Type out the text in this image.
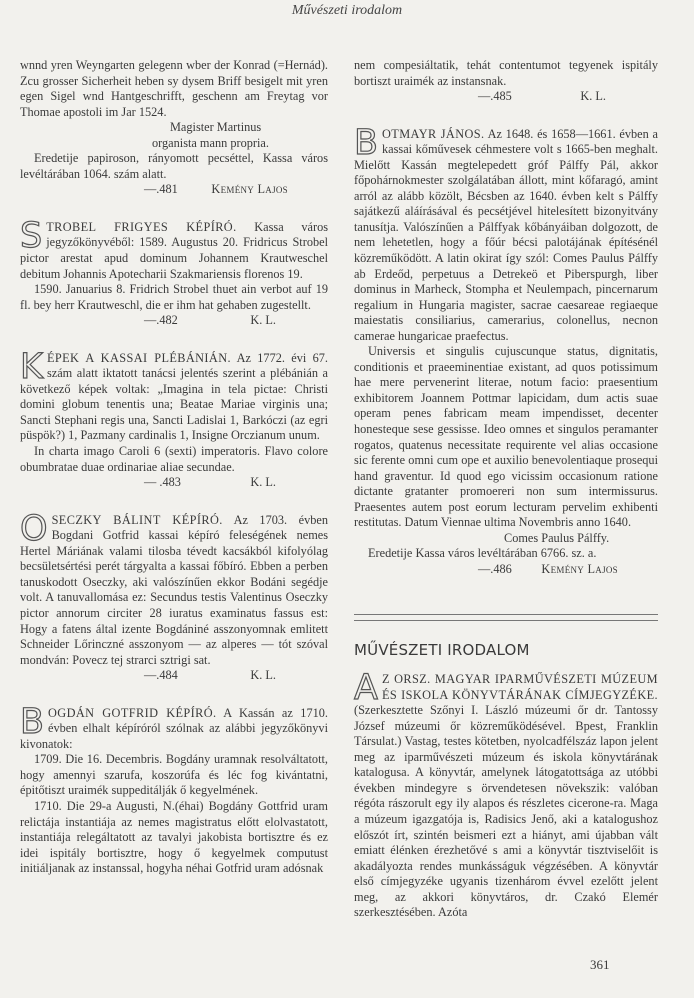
Művészeti irodalom

wnnd yren Weyngarten gelegenn wber der Konrad (=Hernád). Zcu grosser Sicherheit heben sy dysem Briff besigelt mit yren egen Sigel wnd Hantgeschrifft, geschenn am Freytag vor Thomae apostoli im Jar 1524.

Magister Martinus

organista mann propria.

Eredetije papiroson, rányomott pecséttel, Kassa város levéltárában 1064. szám alatt.

—.481	Kemény Lajos

S TROBEL FRIGYES KÉPÍRÓ. Kassa város jegyzőkönyvéből: 1589. Augustus 20. Fridricus Strobel pictor arestat apud dominum Johannem Krautweschel debitum Johannis Apotecharii Szakmariensis florenos 19.

1590. Januarius 8. Fridrich Strobel thuet ain verbot auf 19 fl. bey herr Krautweschl, die er ihm hat gehaben zugestellt.

—.482	K. L.

K ÉPEK A KASSAI PLÉBÁNIÁN. Az 1772. évi 67. szám alatt iktatott tanácsi jelentés szerint a plébánián a következő képek voltak: „Imagina in tela pictae: Christi domini globum tenentis una; Beatae Mariae virginis una; Sancti Stephani regis una, Sancti Ladislai 1, Barkóczi (az egri püspök?) 1, Pazmany cardinalis 1, Insigne Orczianum unum.

In charta imago Caroli 6 (sexti) imperatoris. Flavo colore obumbratae duae ordinariae aliae secundae.

— .483	K. L.

O SECZKY BÁLINT KÉPÍRÓ. Az 1703. évben Bogdani Gotfrid kassai képíró feleségének nemes Hertel Máriának valami tilosba tévedt kacsákból kifolyólag becsületsértési perét tárgyalta a kassai főbíró. Ebben a perben tanuskodott Oseczky, aki valószínűen ekkor Bodáni segédje volt. A tanuvallomása ez: Secundus testis Valentinus Oseczky pictor annorum circiter 28 iuratus examinatus fassus est: Hogy a fatens által izente Bogdániné asszonyomnak emlitett Schneider Lőrinczné asszonyom — az alperes — tót szóval mondván: Povecz tej strarci sztrigi sat.

—.484	K. L.

B OGDÁN GOTFRID KÉPÍRÓ. A Kassán az 1710. évben elhalt képíróról szólnak az alábbi jegyzőkönyvi kivonatok:

1709. Die 16. Decembris. Bogdány uramnak resolváltatott, hogy amennyi szarufa, koszorúfa és léc fog kivántatni, épitőtiszt uraimék suppeditálják ő kegyelmének.

1710. Die 29-a Augusti, N.(éhai) Bogdány Gottfrid uram relictája instantiája az nemes magistratus előtt elolvastatott, instantiája relegáltatott az tavalyi jakobista bortisztre és ez idei ispitály bortisztre, hogy ő kegyelmek computust initiáljanak az instanssal, hogyha néhai Gotfrid uram adósnak

nem compesiáltatik, tehát contentumot tegyenek ispitály bortiszt uraimék az instansnak.

—.485	K. L.

B OTMAYR JÁNOS. Az 1648. és 1658—1661. évben a kassai kőművesek céhmestere volt s 1665-ben meghalt. Mielőtt Kassán megtelepedett gróf Pálffy Pál, akkor főpohárnokmester szolgálatában állott, mint kőfaragó, amint arról az alább közölt, Bécsben az 1640. évben kelt s Pálffy sajátkezű aláírásával és pecsétjével hitelesített bizonyitvány tanusítja. Valószínűen a Pálffyak kőbányáiban dolgozott, de nem lehetetlen, hogy a főúr bécsi palotájának építésénél közreműködött. A latin okirat így szól: Comes Paulus Pálffy ab Erdeőd, perpetuus a Detrekeö et Piberspurgh, liber dominus in Marheck, Stompha et Neulempach, pincernarum regalium in Hungaria magister, sacrae caesareae regiaeque maiestatis consiliarius, camerarius, colonellus, necnon camerae hungaricae praefectus.

Universis et singulis cujuscunque status, dignitatis, conditionis et praeeminentiae existant, ad quos potissimum hae mere pervenerint literae, notum facio: praesentium exhibitorem Joannem Pottmar lapicidam, dum actis suae operam penes fabricam meam impendisset, decenter honesteque sese gessisse. Ideo omnes et singulos peramanter rogatos, quatenus necessitate requirente vel alias occasione sic ferente omni cum ope et auxilio benevolentiaque prosequi hand graventur. Id quod ego vicissim occasionum ratione dictante gratanter promoereri non sum intermissurus. Praesentes autem post eorum lecturam pervelim exhibenti restitutas. Datum Viennae ultima Novembris anno 1640.

Comes Paulus Pálffy.

Eredetije Kassa város levéltárában 6766. sz. a.

—.486 Kemény Lajos
MŰVÉSZETI IRODALOM

A Z ORSZ. MAGYAR IPARMŰVÉSZETI MÚZEUM ÉS ISKOLA KÖNYVTÁRÁNAK CÍMJEGYZÉKE. (Szerkesztette Szőnyi I. László múzeumi őr dr. Tantossy József múzeumi őr közreműködésével. Bpest, Franklin Társulat.) Vastag, testes kötetben, nyolcadfélszáz lapon jelent meg az iparművészeti múzeum és iskola könyvtárának katalogusa. A könyvtár, amelynek látogatottsága az utóbbi években mindegyre s örvendetesen növekszik: valóban régóta rászorult egy ily alapos és részletes cicerone-ra. Maga a múzeum igazgatója is, Radisics Jenő, aki a katalogushoz előszót írt, szintén beismeri ezt a hiányt, ami újabban vált emiatt élénken érezhetővé s ami a könyvtár tisztviselőit is akadályozta rendes munkásságuk végzésében. A könyvtár első címjegyzéke ugyanis tizenhárom évvel ezelőtt jelent meg, az akkori könyvtáros, dr. Czakó Elemér szerkesztésében. Azóta

361
